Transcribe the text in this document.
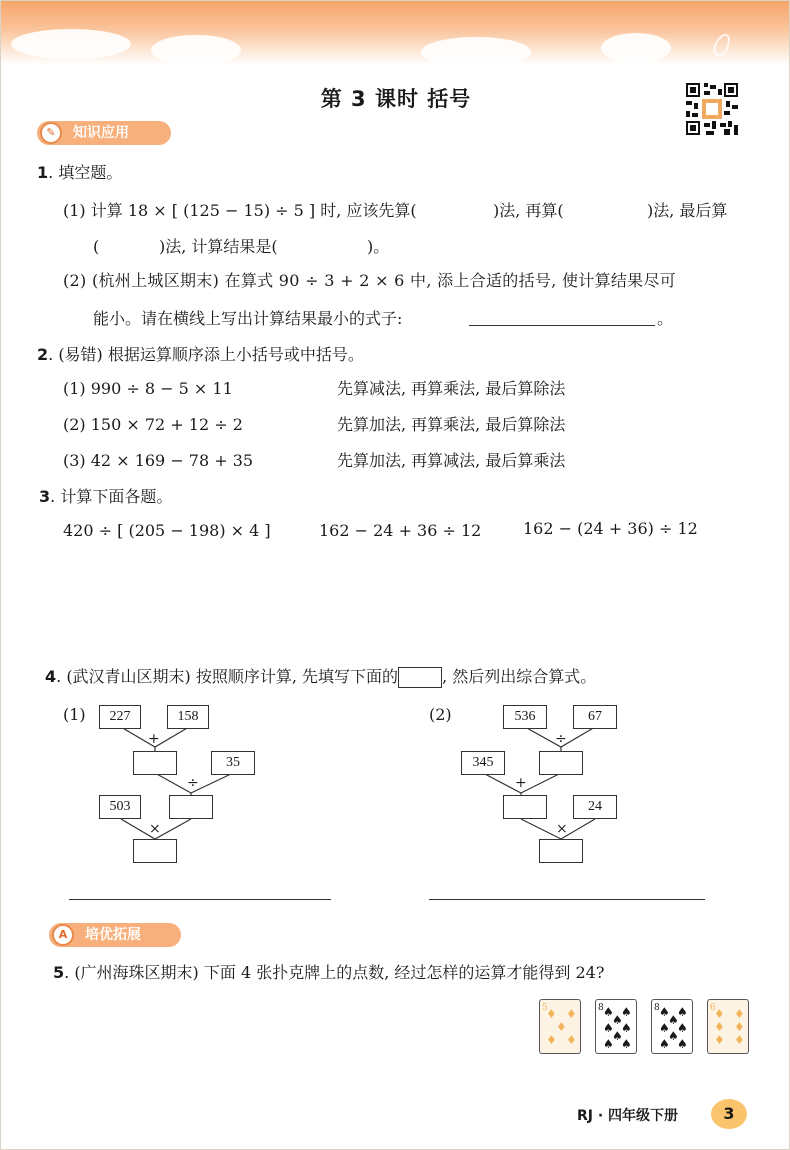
第 3 课时 括号
✎	知识应用
1. 填空题。
(1) 计算 18 × [ (125 − 15) ÷ 5 ] 时, 应该先算(	)法, 再算(	)法, 最后算
(	)法, 计算结果是(	)。
(2) (杭州上城区期末) 在算式 90 ÷ 3 + 2 × 6 中, 添上合适的括号, 使计算结果尽可
能小。请在横线上写出计算结果最小的式子:	。
2. (易错) 根据运算顺序添上小括号或中括号。
(1) 990 ÷ 8 − 5 × 11	先算减法, 再算乘法, 最后算除法
(2) 150 × 72 + 12 ÷ 2	先算加法, 再算乘法, 最后算除法
(3) 42 × 169 − 78 + 35	先算加法, 再算减法, 最后算乘法
3. 计算下面各题。
420 ÷ [ (205 − 198) × 4 ]	162 − 24 + 36 ÷ 12	162 − (24 + 36) ÷ 12
4. (武汉青山区期末) 按照顺序计算, 先填写下面的	, 然后列出综合算式。
(1)	227	158
+
35
÷
503
×
(2)	536	67
÷
345
+
24
×
A	培优拓展
5. (广州海珠区期末) 下面 4 张扑克牌上的点数, 经过怎样的运算才能得到 24?
5
♦ ♦
♦
♦ ♦
8 ♠ ♠
♠
♠ ♠
♠
♠ ♠
8 ♠ ♠
♠
♠ ♠
♠
♠ ♠
6
♦ ♦
♦ ♦
♦ ♦
RJ · 四年级下册	3
